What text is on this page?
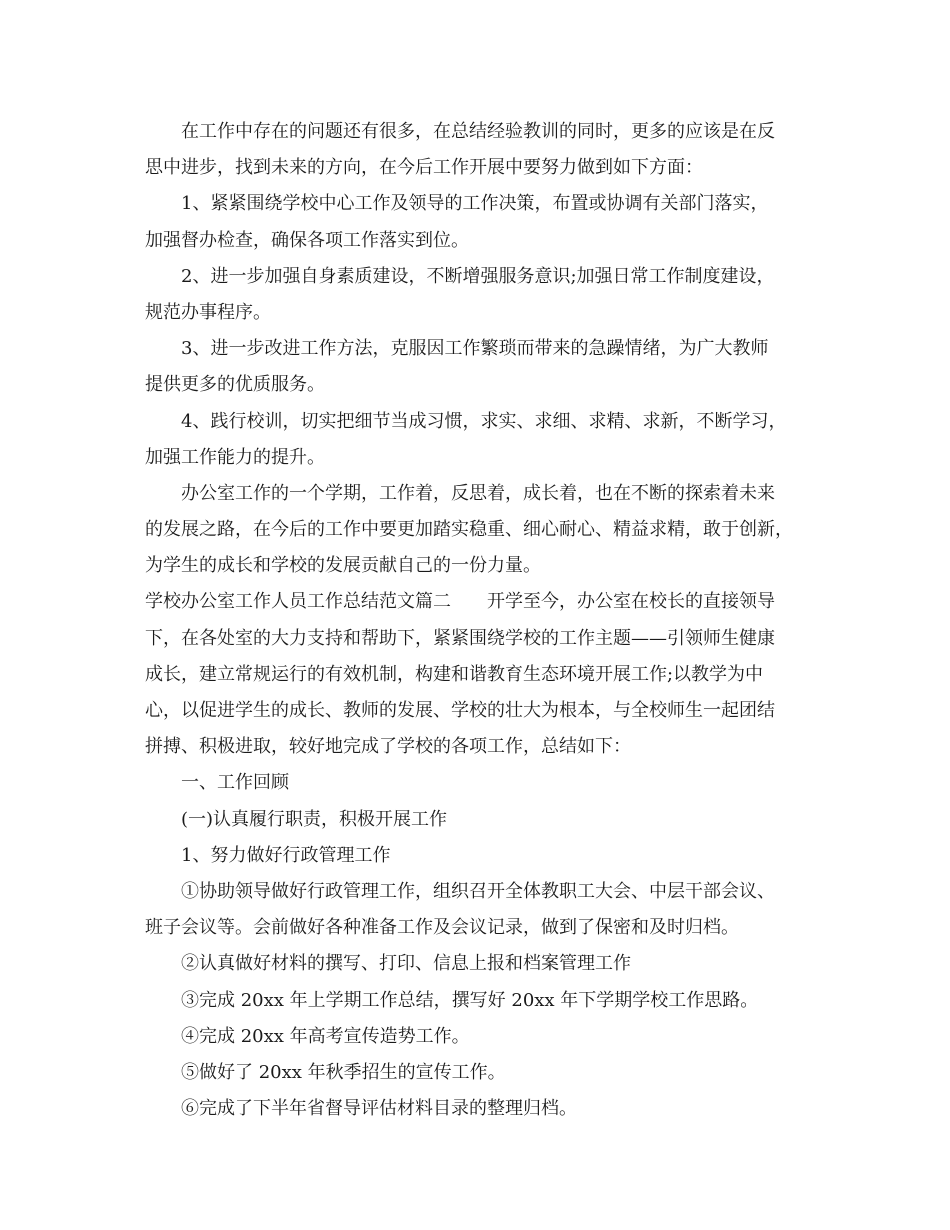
在工作中存在的问题还有很多，在总结经验教训的同时，更多的应该是在反
思中进步，找到未来的方向，在今后工作开展中要努力做到如下方面：
1、紧紧围绕学校中心工作及领导的工作决策，布置或协调有关部门落实，
加强督办检查，确保各项工作落实到位。
2、进一步加强自身素质建设，不断增强服务意识;加强日常工作制度建设，
规范办事程序。
3、进一步改进工作方法，克服因工作繁琐而带来的急躁情绪，为广大教师
提供更多的优质服务。
4、践行校训，切实把细节当成习惯，求实、求细、求精、求新，不断学习，
加强工作能力的提升。
办公室工作的一个学期，工作着，反思着，成长着，也在不断的探索着未来
的发展之路，在今后的工作中要更加踏实稳重、细心耐心、精益求精，敢于创新，
为学生的成长和学校的发展贡献自己的一份力量。
学校办公室工作人员工作总结范文篇二　　开学至今，办公室在校长的直接领导
下，在各处室的大力支持和帮助下，紧紧围绕学校的工作主题——引领师生健康
成长，建立常规运行的有效机制，构建和谐教育生态环境开展工作;以教学为中
心，以促进学生的成长、教师的发展、学校的壮大为根本，与全校师生一起团结
拼搏、积极进取，较好地完成了学校的各项工作，总结如下：
一、工作回顾
(一)认真履行职责，积极开展工作
1、努力做好行政管理工作
①协助领导做好行政管理工作，组织召开全体教职工大会、中层干部会议、
班子会议等。会前做好各种准备工作及会议记录，做到了保密和及时归档。
②认真做好材料的撰写、打印、信息上报和档案管理工作
③完成 20xx 年上学期工作总结，撰写好 20xx 年下学期学校工作思路。
④完成 20xx 年高考宣传造势工作。
⑤做好了 20xx 年秋季招生的宣传工作。
⑥完成了下半年省督导评估材料目录的整理归档。
